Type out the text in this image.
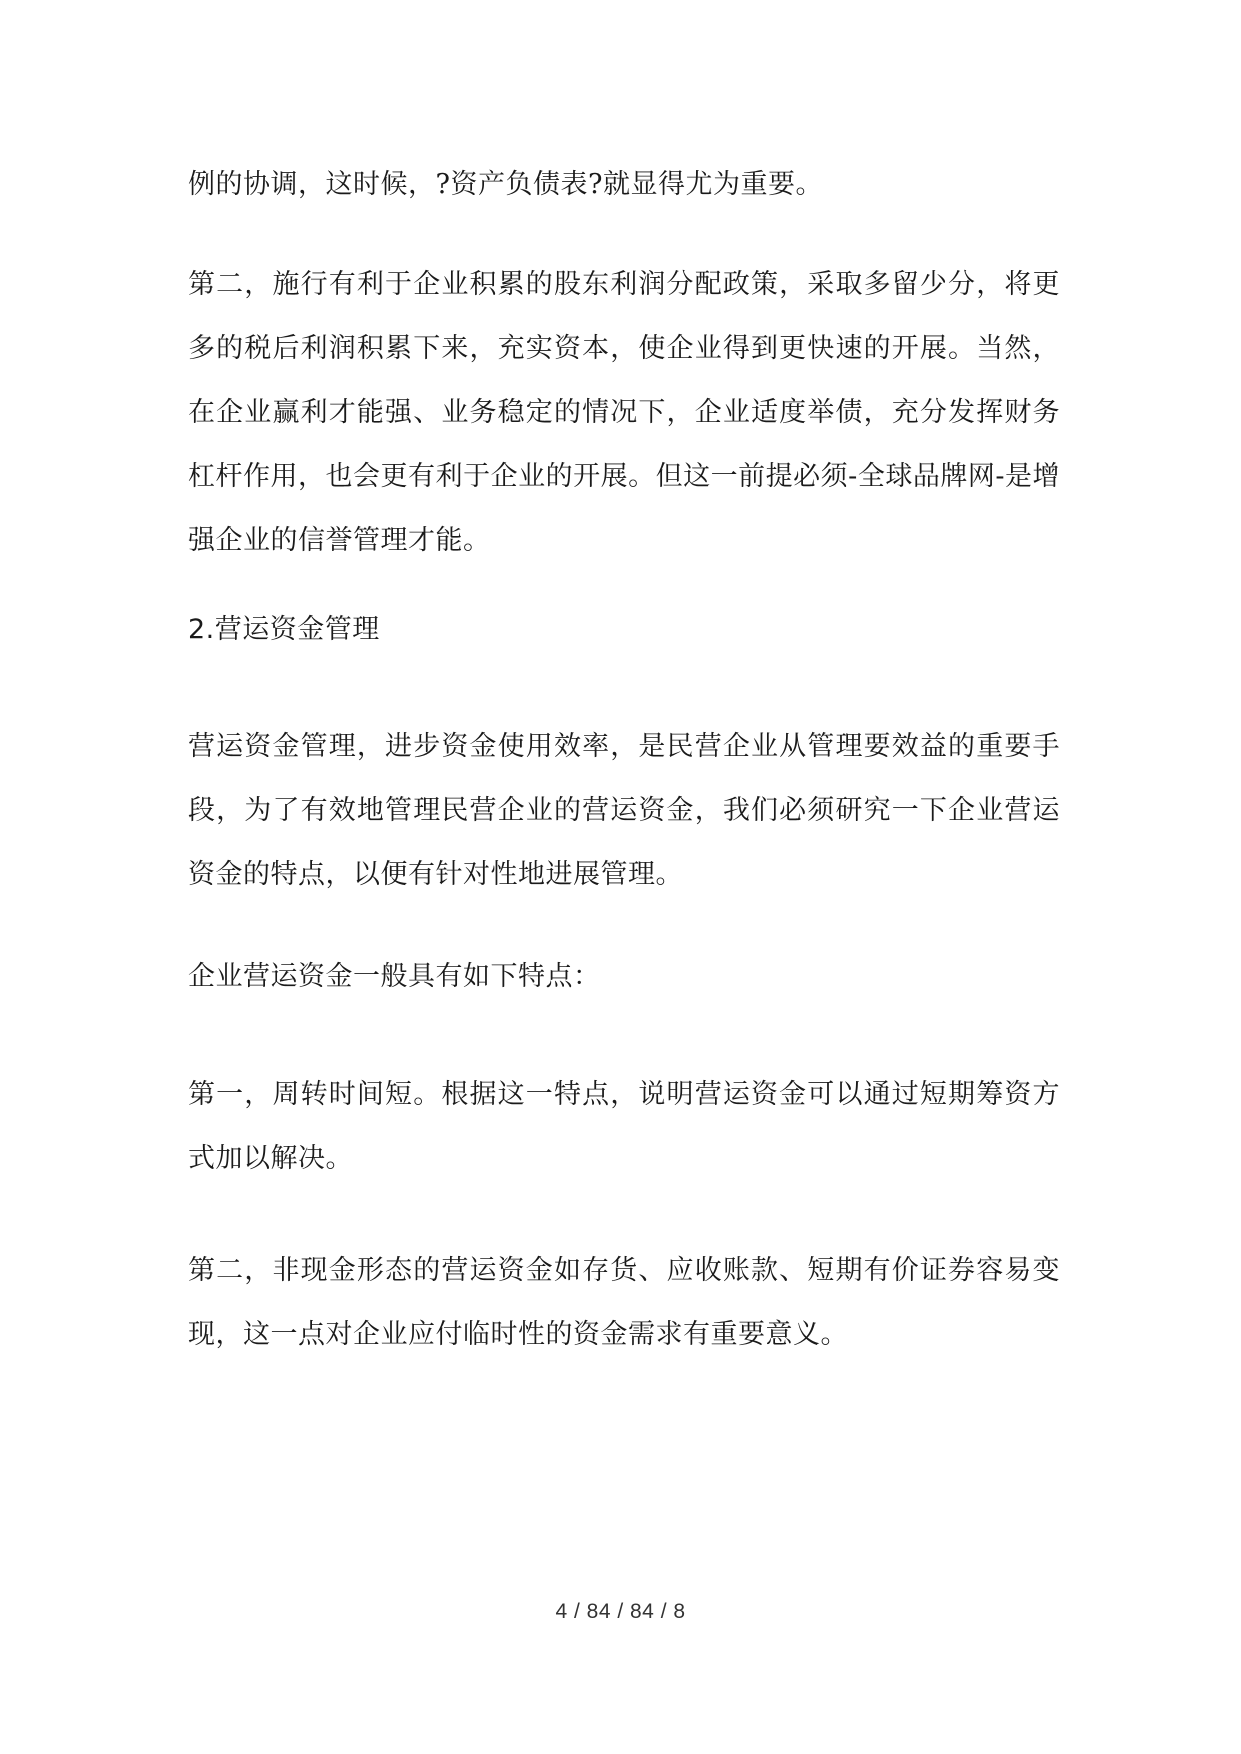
例的协调，这时候，?资产负债表?就显得尤为重要。

第二，施行有利于企业积累的股东利润分配政策，采取多留少分，将更多的税后利润积累下来，充实资本，使企业得到更快速的开展。当然，在企业赢利才能强、业务稳定的情况下，企业适度举债，充分发挥财务杠杆作用，也会更有利于企业的开展。但这一前提必须-全球品牌网-是增强企业的信誉管理才能。

2.营运资金管理

营运资金管理，进步资金使用效率，是民营企业从管理要效益的重要手段，为了有效地管理民营企业的营运资金，我们必须研究一下企业营运资金的特点，以便有针对性地进展管理。

企业营运资金一般具有如下特点：

第一，周转时间短。根据这一特点，说明营运资金可以通过短期筹资方式加以解决。

第二，非现金形态的营运资金如存货、应收账款、短期有价证券容易变现，这一点对企业应付临时性的资金需求有重要意义。

4 / 84 / 84 / 8
